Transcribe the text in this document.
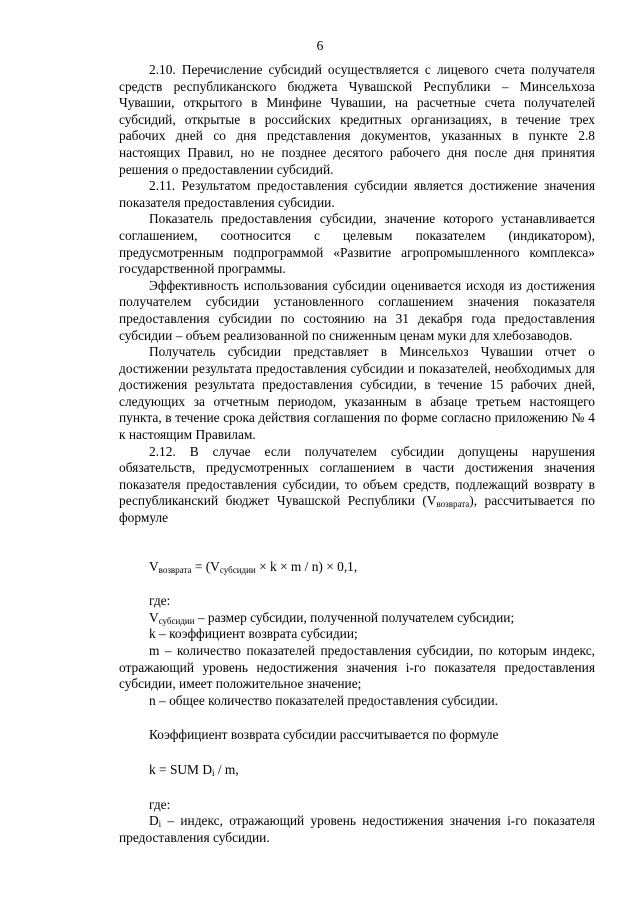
6

2.10. Перечисление субсидий осуществляется с лицевого счета получателя средств республиканского бюджета Чувашской Республики – Минсельхоза Чувашии, открытого в Минфине Чувашии, на расчетные счета получателей субсидий, открытые в российских кредитных организациях, в течение трех рабочих дней со дня представления документов, указанных в пункте 2.8 настоящих Правил, но не позднее десятого рабочего дня после дня принятия решения о предоставлении субсидий.

2.11. Результатом предоставления субсидии является достижение значения показателя предоставления субсидии.

Показатель предоставления субсидии, значение которого устанавливается соглашением, соотносится с целевым показателем (индикатором), предусмотренным подпрограммой «Развитие агропромышленного комплекса» государственной программы.

Эффективность использования субсидии оценивается исходя из достижения получателем субсидии установленного соглашением значения показателя предоставления субсидии по состоянию на 31 декабря года предоставления субсидии – объем реализованной по сниженным ценам муки для хлебозаводов.

Получатель субсидии представляет в Минсельхоз Чувашии отчет о достижении результата предоставления субсидии и показателей, необходимых для достижения результата предоставления субсидии, в течение 15 рабочих дней, следующих за отчетным периодом, указанным в абзаце третьем настоящего пункта, в течение срока действия соглашения по форме согласно приложению № 4 к настоящим Правилам.

2.12. В случае если получателем субсидии допущены нарушения обязательств, предусмотренных соглашением в части достижения значения показателя предоставления субсидии, то объем средств, подлежащий возврату в республиканский бюджет Чувашской Республики $(V_{возврата})$, рассчитывается по формуле

$V_{возврата} = (V_{субсидии} \times k \times m / n) \times 0,1$,

где:

$V_{субсидии}$ – размер субсидии, полученной получателем субсидии;

k – коэффициент возврата субсидии;

m – количество показателей предоставления субсидии, по которым индекс, отражающий уровень недостижения значения i-го показателя предоставления субсидии, имеет положительное значение;

n – общее количество показателей предоставления субсидии.

Коэффициент возврата субсидии рассчитывается по формуле

k = SUM $D_i$ / m,

где:

$D_i$ – индекс, отражающий уровень недостижения значения i-го показателя предоставления субсидии.
